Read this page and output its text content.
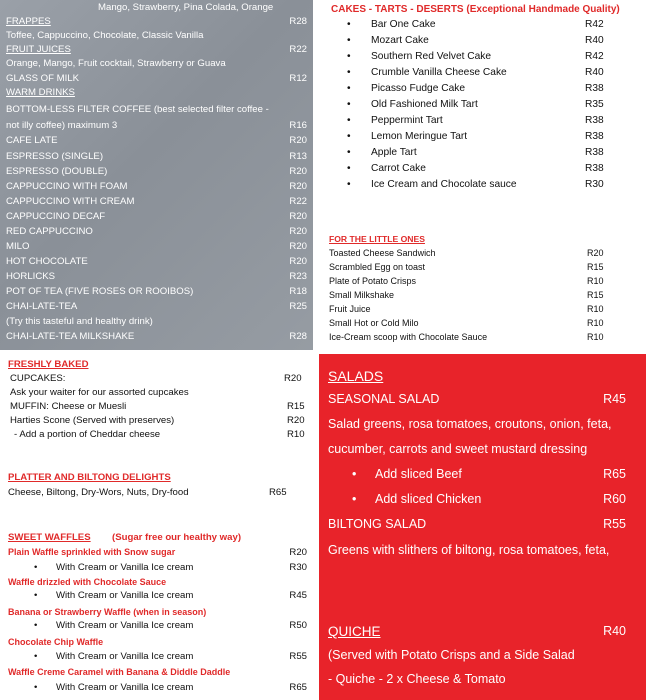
Mango, Strawberry, Pina Colada, Orange
FRAPPES	R28
Toffee, Cappuccino, Chocolate, Classic Vanilla
FRUIT JUICES	R22
Orange, Mango, Fruit cocktail, Strawberry or Guava
GLASS OF MILK	R12
WARM DRINKS
BOTTOM-LESS FILTER COFFEE (best selected filter coffee -
not illy coffee) maximum 3	R16
CAFE LATE	R20
ESPRESSO (SINGLE)	R13
ESPRESSO (DOUBLE)	R20
CAPPUCCINO WITH FOAM	R20
CAPPUCCINO WITH CREAM	R22
CAPPUCCINO DECAF	R20
RED CAPPUCCINO	R20
MILO	R20
HOT CHOCOLATE	R20
HORLICKS	R23
POT OF TEA (FIVE ROSES OR ROOIBOS)	R18
CHAI-LATE-TEA	R25
(Try this tasteful and healthy drink)
CHAI-LATE-TEA MILKSHAKE	R28
CAKES - TARTS - DESERTS (Exceptional Handmade Quality)
• Bar One Cake	R42
• Mozart Cake	R40
• Southern Red Velvet Cake	R42
• Crumble Vanilla Cheese Cake	R40
• Picasso Fudge Cake	R38
• Old Fashioned Milk Tart	R35
• Peppermint Tart	R38
• Lemon Meringue Tart	R38
• Apple Tart	R38
• Carrot Cake	R38
• Ice Cream and Chocolate sauce	R30
FOR THE LITTLE ONES
Toasted Cheese Sandwich	R20
Scrambled Egg on toast	R15
Plate of Potato Crisps	R10
Small Milkshake	R15
Fruit Juice	R10
Small Hot or Cold Milo	R10
Ice-Cream scoop with Chocolate Sauce	R10
FRESHLY BAKED
CUPCAKES:	R20
Ask your waiter for our assorted cupcakes
MUFFIN: Cheese or Muesli	R15
Harties Scone (Served with preserves)	R20
- Add a portion of Cheddar cheese	R10
PLATTER AND BILTONG DELIGHTS
Cheese, Biltong, Dry-Wors, Nuts, Dry-food	R65
SWEET WAFFLES (Sugar free our healthy way)
Plain Waffle sprinkled with Snow sugar	R20
• With Cream or Vanilla Ice cream	R30
Waffle drizzled with Chocolate Sauce
• With Cream or Vanilla Ice cream	R45
Banana or Strawberry Waffle (when in season)
• With Cream or Vanilla Ice cream	R50
Chocolate Chip Waffle
• With Cream or Vanilla Ice cream	R55
Waffle Creme Caramel with Banana & Diddle Daddle
• With Cream or Vanilla Ice cream	R65
SALADS
SEASONAL SALAD	R45
Salad greens, rosa tomatoes, croutons, onion, feta,
cucumber, carrots and sweet mustard dressing
• Add sliced Beef	R65
• Add sliced Chicken	R60
BILTONG SALAD	R55
Greens with slithers of biltong, rosa tomatoes, feta,
QUICHE	R40
(Served with Potato Crisps and a Side Salad
- Quiche - 2 x Cheese & Tomato
